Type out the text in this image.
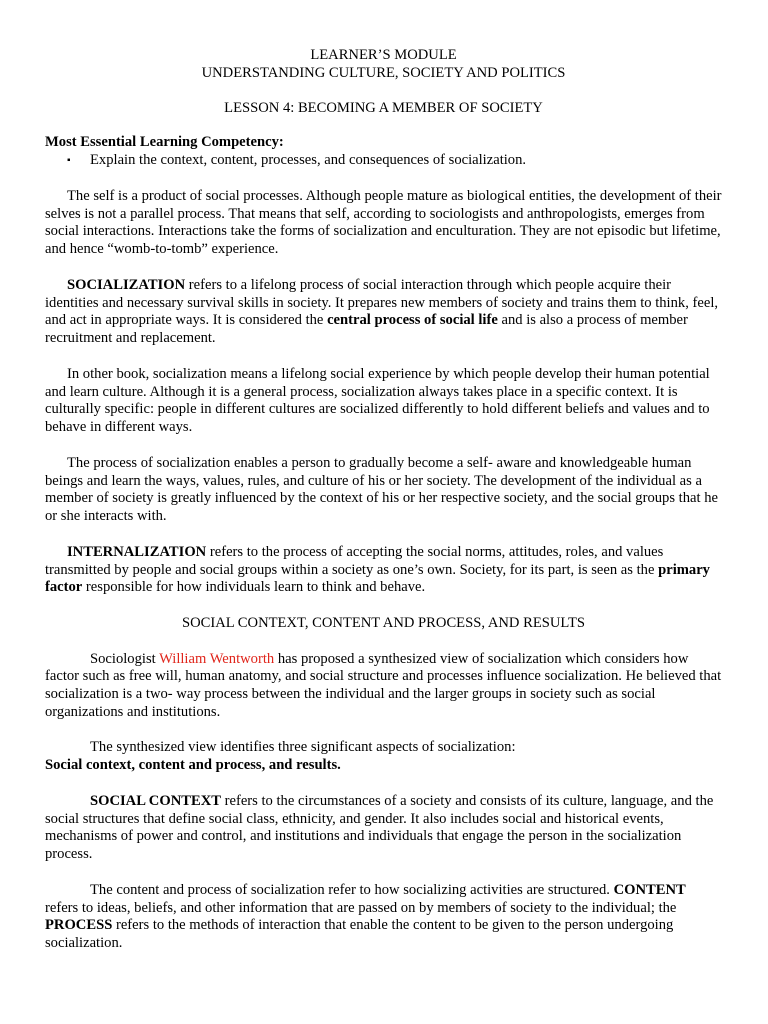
LEARNER’S MODULE
UNDERSTANDING CULTURE, SOCIETY AND POLITICS
LESSON 4: BECOMING A MEMBER OF SOCIETY
Most Essential Learning Competency:
▪ Explain the context, content, processes, and consequences of socialization.

The self is a product of social processes. Although people mature as biological entities, the development of their selves is not a parallel process. That means that self, according to sociologists and anthropologists, emerges from social interactions. Interactions take the forms of socialization and enculturation. They are not episodic but lifetime, and hence “womb-to-tomb” experience.

SOCIALIZATION refers to a lifelong process of social interaction through which people acquire their identities and necessary survival skills in society. It prepares new members of society and trains them to think, feel, and act in appropriate ways. It is considered the central process of social life and is also a process of member recruitment and replacement.

In other book, socialization means a lifelong social experience by which people develop their human potential and learn culture. Although it is a general process, socialization always takes place in a specific context. It is culturally specific: people in different cultures are socialized differently to hold different beliefs and values and to behave in different ways.

The process of socialization enables a person to gradually become a self- aware and knowledgeable human beings and learn the ways, values, rules, and culture of his or her society. The development of the individual as a member of society is greatly influenced by the context of his or her respective society, and the social groups that he or she interacts with.

INTERNALIZATION refers to the process of accepting the social norms, attitudes, roles, and values transmitted by people and social groups within a society as one’s own. Society, for its part, is seen as the primary factor responsible for how individuals learn to think and behave.

SOCIAL CONTEXT, CONTENT AND PROCESS, AND RESULTS

Sociologist William Wentworth has proposed a synthesized view of socialization which considers how factor such as free will, human anatomy, and social structure and processes influence socialization. He believed that socialization is a two- way process between the individual and the larger groups in society such as social organizations and institutions.

The synthesized view identifies three significant aspects of socialization:

Social context, content and process, and results.

SOCIAL CONTEXT refers to the circumstances of a society and consists of its culture, language, and the social structures that define social class, ethnicity, and gender. It also includes social and historical events, mechanisms of power and control, and institutions and individuals that engage the person in the socialization process.

The content and process of socialization refer to how socializing activities are structured. CONTENT refers to ideas, beliefs, and other information that are passed on by members of society to the individual; the PROCESS refers to the methods of interaction that enable the content to be given to the person undergoing socialization.
